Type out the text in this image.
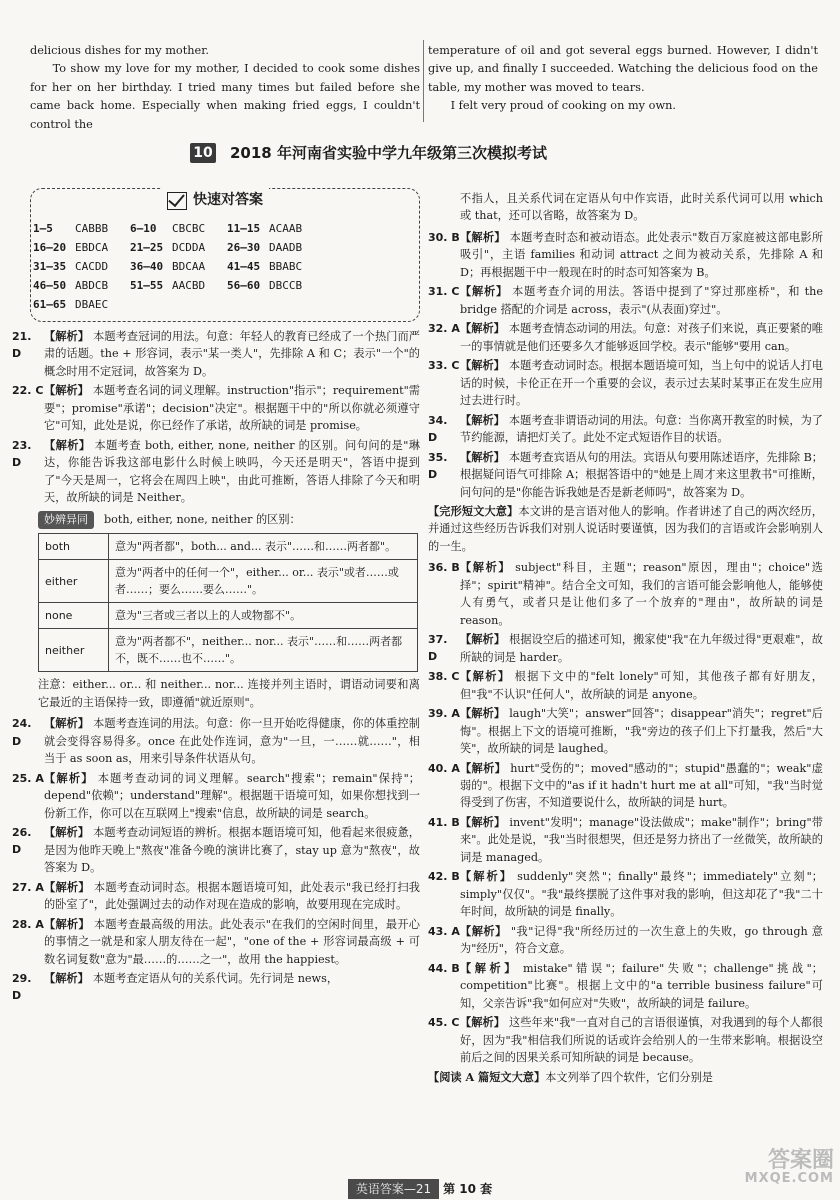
delicious dishes for my mother.

To show my love for my mother, I decided to cook some dishes for her on her birthday. I tried many times but failed before she came back home. Especially when making fried eggs, I couldn't control the

temperature of oil and got several eggs burned. However, I didn't give up, and finally I succeeded. Watching the delicious food on the table, my mother was moved to tears.

I felt very proud of cooking on my own.

10 2018 年河南省实验中学九年级第三次模拟考试
快速对答案
1—5	CABBB 6—10	CBCBC 11—15 ACAAB
16—20 EBDCA 21—25 DCDDA 26—30 DAADB
31—35 CACDD 36—40 BDCAA 41—45 BBABC
46—50 ABDCB 51—55 AACBD 56—60 DBCCB
61—65 DBAEC
21. D
【解析】 本题考查冠词的用法。句意：年轻人的教育已经成了一个热门而严肃的话题。the + 形容词，表示"某一类人"，先排除 A 和 C；表示"一个"的概念时用不定冠词，故答案为 D。
22. C 【解析】 本题考查名词的词义理解。instruction"指示"；requirement"需要"；promise"承诺"；decision"决定"。根据题干中的"所以你就必须遵守它"可知，此处是说，你已经作了承诺，故所缺的词是 promise。
23. D
【解析】 本题考查 both, either, none, neither 的区别。问句问的是"琳达，你能告诉我这部电影什么时候上映吗，今天还是明天"，答语中提到了"今天是周一，它将会在周四上映"，由此可推断，答语人排除了今天和明天，故所缺的词是 Neither。
妙辨异同	both, either, none, neither 的区别：
both	意为"两者都"，both... and... 表示"……和……两者都"。
either	意为"两者中的任何一个"，either... or... 表示"或者……或者……；要么……要么……"。
none	意为"三者或三者以上的人或物都不"。
neither	意为"两者都不"，neither... nor... 表示"……和……两者都不，既不……也不……"。

注意：either... or... 和 neither... nor... 连接并列主语时，谓语动词要和离它最近的主语保持一致，即遵循"就近原则"。

24. D
【解析】 本题考查连词的用法。句意：你一旦开始吃得健康，你的体重控制就会变得容易得多。once 在此处作连词，意为"一旦，一……就……"，相当于 as soon as，用来引导条件状语从句。
25. A 【解析】 本题考查动词的词义理解。search"搜索"；remain"保持"；depend"依赖"；understand"理解"。根据题干语境可知，如果你想找到一份新工作，你可以在互联网上"搜索"信息，故所缺的词是 search。
26. D
【解析】 本题考查动词短语的辨析。根据本题语境可知，他看起来很疲惫，是因为他昨天晚上"熬夜"准备今晚的演讲比赛了，stay up 意为"熬夜"，故答案为 D。
27. A 【解析】 本题考查动词时态。根据本题语境可知，此处表示"我已经打扫我的卧室了"，此处强调过去的动作对现在造成的影响，故要用现在完成时。
28. A 【解析】 本题考查最高级的用法。此处表示"在我们的空闲时间里，最开心的事情之一就是和家人朋友待在一起"，"one of the + 形容词最高级 + 可数名词复数"意为"最……的……之一"，故用 the happiest。
29. D
【解析】 本题考查定语从句的关系代词。先行词是 news，

不指人，且关系代词在定语从句中作宾语，此时关系代词可以用 which 或 that，还可以省略，故答案为 D。

30. B 【解析】 本题考查时态和被动语态。此处表示"数百万家庭被这部电影所吸引"，主语 families 和动词 attract 之间为被动关系，先排除 A 和 D；再根据题干中一般现在时的时态可知答案为 B。
31. C 【解析】 本题考查介词的用法。答语中提到了"穿过那座桥"，和 the bridge 搭配的介词是 across，表示"(从表面)穿过"。
32. A 【解析】 本题考查情态动词的用法。句意：对孩子们来说，真正要紧的唯一的事情就是他们还要多久才能够返回学校。表示"能够"要用 can。
33. C 【解析】 本题考查动词时态。根据本题语境可知，当上句中的说话人打电话的时候，卡伦正在开一个重要的会议，表示过去某时某事正在发生应用过去进行时。
34. D
【解析】 本题考查非谓语动词的用法。句意：当你离开教室的时候，为了节约能源，请把灯关了。此处不定式短语作目的状语。
35. D
【解析】 本题考查宾语从句的用法。宾语从句要用陈述语序，先排除 B；根据疑问语气可排除 A；根据答语中的"她是上周才来这里教书"可推断，问句问的是"你能告诉我她是否是新老师吗"，故答案为 D。

【完形短文大意】本文讲的是言语对他人的影响。作者讲述了自己的两次经历，并通过这些经历告诉我们对别人说话时要谨慎，因为我们的言语或许会影响别人的一生。

36. B 【解析】 subject"科目，主题"；reason"原因，理由"；choice"选择"；spirit"精神"。结合全文可知，我们的言语可能会影响他人，能够使人有勇气，或者只是让他们多了一个放弃的"理由"，故所缺的词是 reason。
37. D
【解析】 根据设空后的描述可知，搬家使"我"在九年级过得"更艰难"，故所缺的词是 harder。
38. C 【解析】 根据下文中的"felt lonely"可知，其他孩子都有好朋友，但"我"不认识"任何人"，故所缺的词是 anyone。
39. A 【解析】 laugh"大笑"；answer"回答"；disappear"消失"；regret"后悔"。根据上下文的语境可推断，"我"旁边的孩子们上下打量我，然后"大笑"，故所缺的词是 laughed。
40. A 【解析】 hurt"受伤的"；moved"感动的"；stupid"愚蠢的"；weak"虚弱的"。根据下文中的"as if it hadn't hurt me at all"可知，"我"当时觉得受到了伤害，不知道要说什么，故所缺的词是 hurt。
41. B 【解析】 invent"发明"；manage"设法做成"；make"制作"；bring"带来"。此处是说，"我"当时很想哭，但还是努力挤出了一丝微笑，故所缺的词是 managed。
42. B 【解析】 suddenly"突然"；finally"最终"；immediately"立刻"；simply"仅仅"。"我"最终摆脱了这件事对我的影响，但这却花了"我"二十年时间，故所缺的词是 finally。
43. A 【解析】 "我"记得"我"所经历过的一次生意上的失败，go through 意为"经历"，符合文意。
44. B 【解析】 mistake"错误"；failure"失败"；challenge"挑战"；competition"比赛"。根据上文中的"a terrible business failure"可知，父亲告诉"我"如何应对"失败"，故所缺的词是 failure。
45. C 【解析】 这些年来"我"一直对自己的言语很谨慎，对我遇到的每个人都很好，因为"我"相信我们所说的话或许会给别人的一生带来影响。根据设空前后之间的因果关系可知所缺的词是 because。

【阅读 A 篇短文大意】本文列举了四个软件，它们分别是

英语答案—21	第 10 套
答案圈
MXQE.COM
